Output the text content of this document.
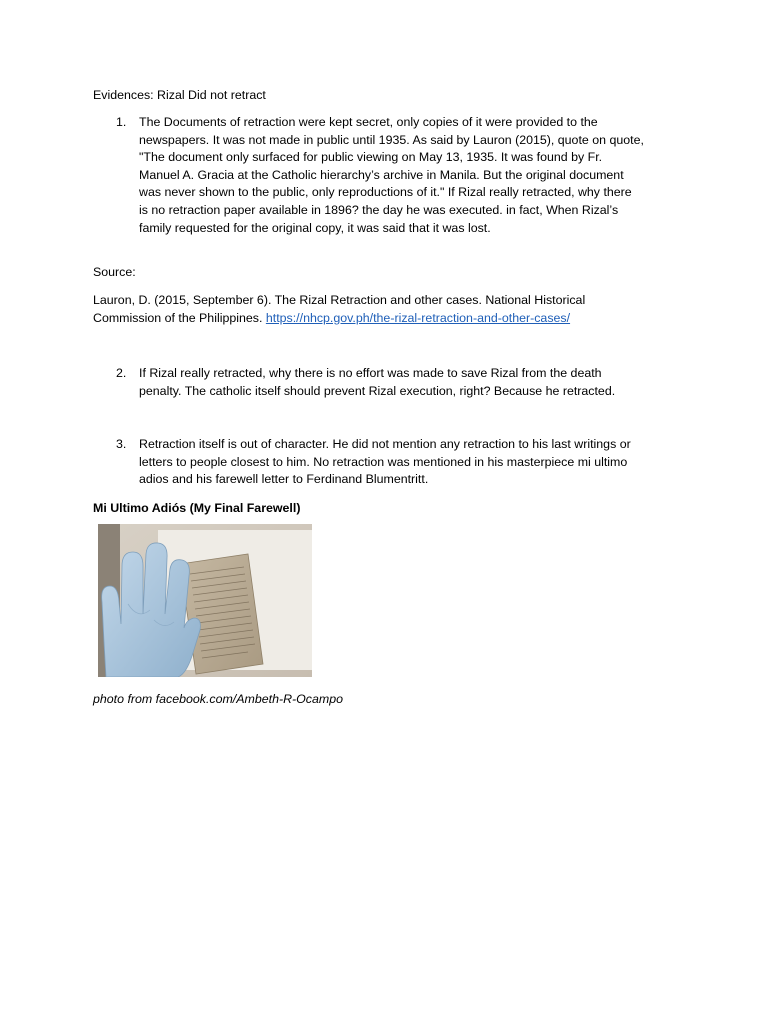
Evidences: Rizal Did not retract
1. The Documents of retraction were kept secret, only copies of it were provided to the
newspapers. It was not made in public until 1935. As said by Lauron (2015), quote on quote,
"The document only surfaced for public viewing on May 13, 1935. It was found by Fr.
Manuel A. Gracia at the Catholic hierarchy’s archive in Manila. But the original document
was never shown to the public, only reproductions of it." If Rizal really retracted, why there
is no retraction paper available in 1896? the day he was executed. in fact, When Rizal’s
family requested for the original copy, it was said that it was lost.
Source:
Lauron, D. (2015, September 6). The Rizal Retraction and other cases. National Historical
Commission of the Philippines. https://nhcp.gov.ph/the-rizal-retraction-and-other-cases/
2. If Rizal really retracted, why there is no effort was made to save Rizal from the death
penalty. The catholic itself should prevent Rizal execution, right? Because he retracted.
3. Retraction itself is out of character. He did not mention any retraction to his last writings or
letters to people closest to him. No retraction was mentioned in his masterpiece mi ultimo
adios and his farewell letter to Ferdinand Blumentritt.
Mi Ultimo Adiós (My Final Farewell)
photo from facebook.com/Ambeth-R-Ocampo
